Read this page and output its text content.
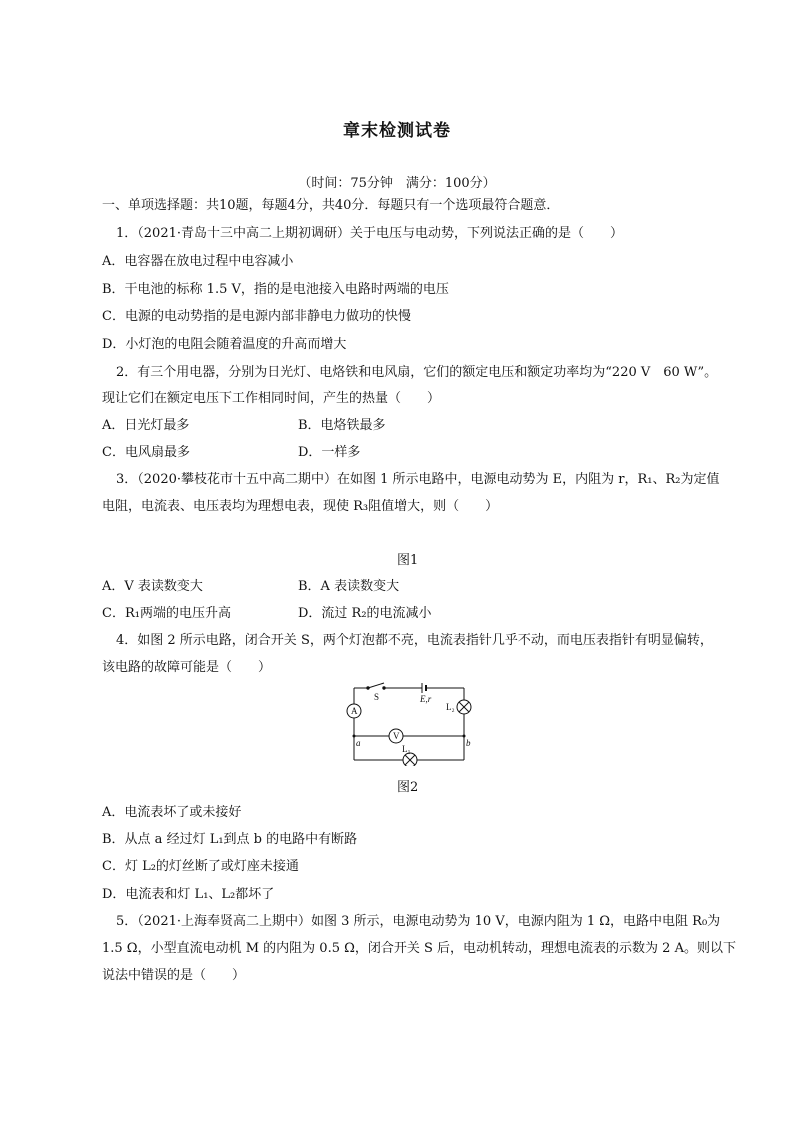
章末检测试卷
（时间：75分钟　满分：100分）
一、单项选择题：共10题，每题4分，共40分．每题只有一个选项最符合题意．
1．（2021·青岛十三中高二上期初调研）关于电压与电动势，下列说法正确的是（　　）
A．电容器在放电过程中电容减小
B．干电池的标称 1.5 V，指的是电池接入电路时两端的电压
C．电源的电动势指的是电源内部非静电力做功的快慢
D．小灯泡的电阻会随着温度的升高而增大
2．有三个用电器，分别为日光灯、电烙铁和电风扇，它们的额定电压和额定功率均为“220 V　60 W”。
现让它们在额定电压下工作相同时间，产生的热量（　　）
A．日光灯最多	B．电烙铁最多
C．电风扇最多	D．一样多
3．（2020·攀枝花市十五中高二期中）在如图 1 所示电路中，电源电动势为 E，内阻为 r，R₁、R₂为定值
电阻，电流表、电压表均为理想电表，现使 R₃阻值增大，则（　　）
图1
A．V 表读数变大	B．A 表读数变大
C．R₁两端的电压升高	D．流过 R₂的电流减小
4．如图 2 所示电路，闭合开关 S，两个灯泡都不亮，电流表指针几乎不动，而电压表指针有明显偏转，
该电路的故障可能是（　　）
A
V
S	E,r
L₂
L₁
a	b
图2
A．电流表坏了或未接好
B．从点 a 经过灯 L₁到点 b 的电路中有断路
C．灯 L₂的灯丝断了或灯座未接通
D．电流表和灯 L₁、L₂都坏了
5．（2021·上海奉贤高二上期中）如图 3 所示，电源电动势为 10 V，电源内阻为 1 Ω，电路中电阻 R₀为
1.5 Ω，小型直流电动机 M 的内阻为 0.5 Ω，闭合开关 S 后，电动机转动，理想电流表的示数为 2 A。则以下
说法中错误的是（　　）
